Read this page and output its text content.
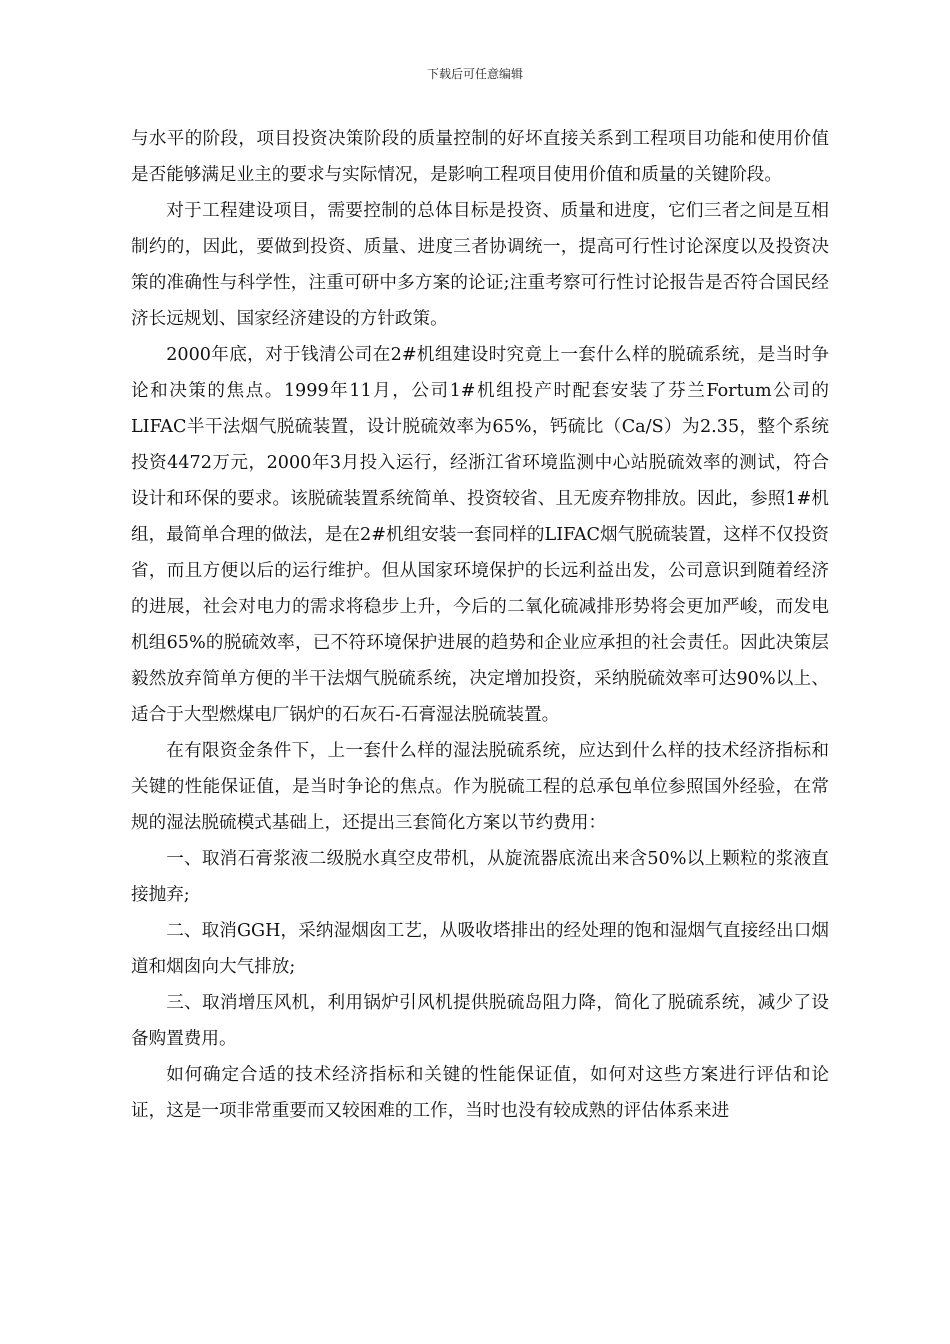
下载后可任意编辑

与水平的阶段，项目投资决策阶段的质量控制的好坏直接关系到工程项目功能和使用价值是否能够满足业主的要求与实际情况，是影响工程项目使用价值和质量的关键阶段。

对于工程建设项目，需要控制的总体目标是投资、质量和进度，它们三者之间是互相制约的，因此，要做到投资、质量、进度三者协调统一，提高可行性讨论深度以及投资决策的准确性与科学性，注重可研中多方案的论证;注重考察可行性讨论报告是否符合国民经济长远规划、国家经济建设的方针政策。

2000年底，对于钱清公司在2#机组建设时究竟上一套什么样的脱硫系统，是当时争论和决策的焦点。1999年11月，公司1#机组投产时配套安装了芬兰Fortum公司的LIFAC半干法烟气脱硫装置，设计脱硫效率为65%，钙硫比（Ca/S）为2.35，整个系统投资4472万元，2000年3月投入运行，经浙江省环境监测中心站脱硫效率的测试，符合设计和环保的要求。该脱硫装置系统简单、投资较省、且无废弃物排放。因此，参照1#机组，最简单合理的做法，是在2#机组安装一套同样的LIFAC烟气脱硫装置，这样不仅投资省，而且方便以后的运行维护。但从国家环境保护的长远利益出发，公司意识到随着经济的进展，社会对电力的需求将稳步上升，今后的二氧化硫减排形势将会更加严峻，而发电机组65%的脱硫效率，已不符环境保护进展的趋势和企业应承担的社会责任。因此决策层毅然放弃简单方便的半干法烟气脱硫系统，决定增加投资，采纳脱硫效率可达90%以上、适合于大型燃煤电厂锅炉的石灰石-石膏湿法脱硫装置。

在有限资金条件下，上一套什么样的湿法脱硫系统，应达到什么样的技术经济指标和关键的性能保证值，是当时争论的焦点。作为脱硫工程的总承包单位参照国外经验，在常规的湿法脱硫模式基础上，还提出三套简化方案以节约费用：

一、取消石膏浆液二级脱水真空皮带机，从旋流器底流出来含50%以上颗粒的浆液直接抛弃;

二、取消GGH，采纳湿烟囱工艺，从吸收塔排出的经处理的饱和湿烟气直接经出口烟道和烟囱向大气排放;

三、取消增压风机，利用锅炉引风机提供脱硫岛阻力降，简化了脱硫系统，减少了设备购置费用。

如何确定合适的技术经济指标和关键的性能保证值，如何对这些方案进行评估和论证，这是一项非常重要而又较困难的工作，当时也没有较成熟的评估体系来进
